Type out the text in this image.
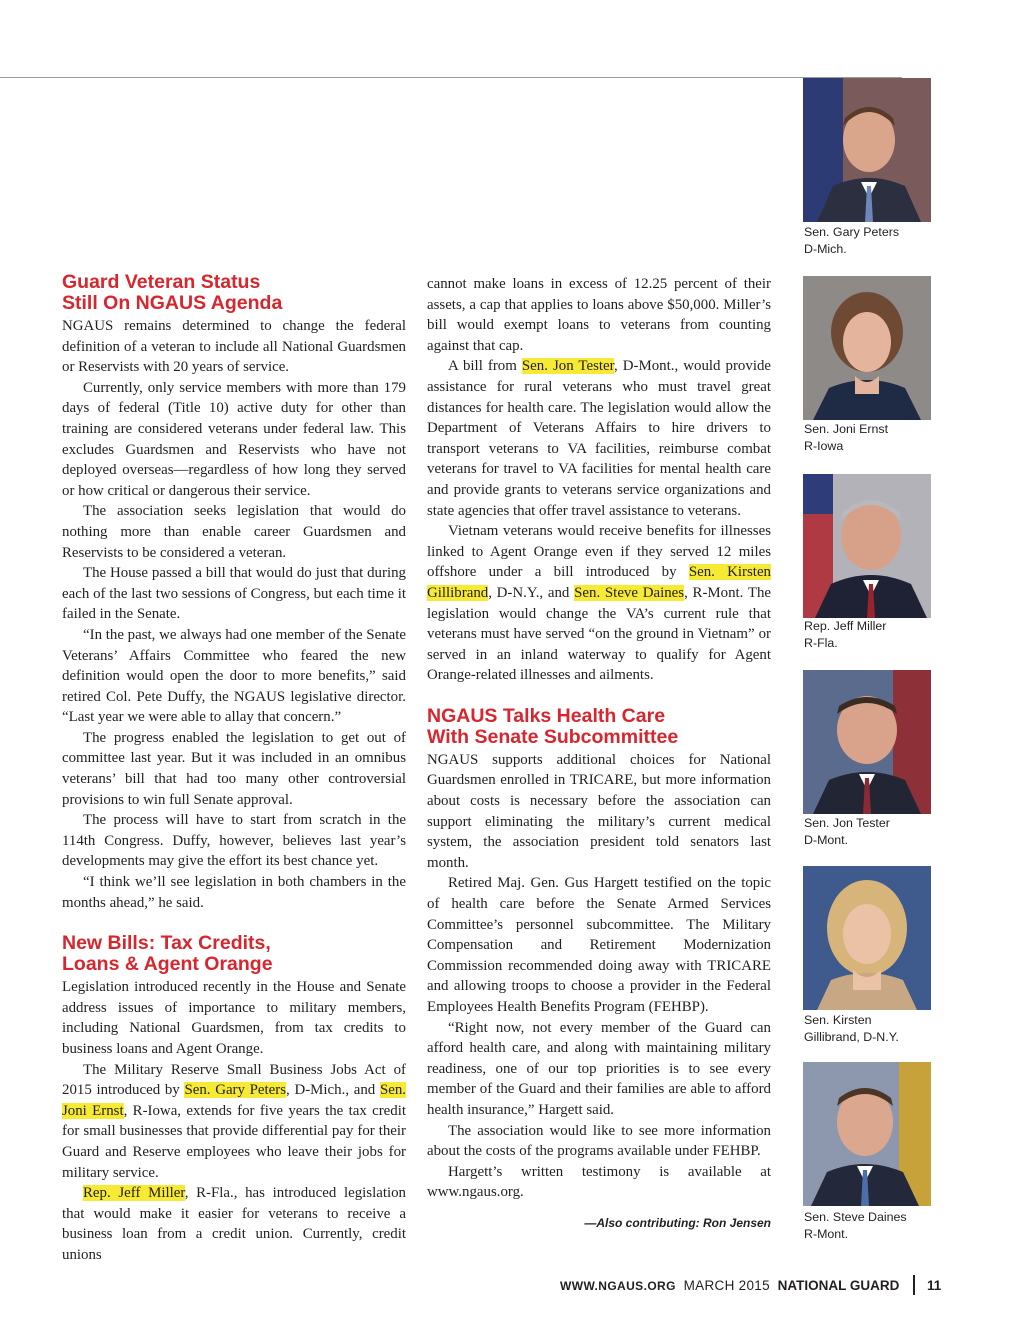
Guard Veteran Status
Still On NGAUS Agenda

NGAUS remains determined to change the federal definition of a veteran to include all National Guardsmen or Reservists with 20 years of service.

Currently, only service members with more than 179 days of federal (Title 10) active duty for other than training are considered veterans under federal law. This excludes Guardsmen and Reservists who have not deployed overseas—regardless of how long they served or how critical or dangerous their service.

The association seeks legislation that would do nothing more than enable career Guardsmen and Reservists to be considered a veteran.

The House passed a bill that would do just that during each of the last two sessions of Congress, but each time it failed in the Senate.

“In the past, we always had one member of the Senate Veterans’ Affairs Committee who feared the new definition would open the door to more benefits,” said retired Col. Pete Duffy, the NGAUS legislative director. “Last year we were able to allay that concern.”

The progress enabled the legislation to get out of committee last year. But it was included in an omnibus veterans’ bill that had too many other controversial provisions to win full Senate approval.

The process will have to start from scratch in the 114th Congress. Duffy, however, believes last year’s developments may give the effort its best chance yet.

“I think we’ll see legislation in both chambers in the months ahead,” he said.

New Bills: Tax Credits,
Loans & Agent Orange

Legislation introduced recently in the House and Senate address issues of importance to military members, including National Guardsmen, from tax credits to business loans and Agent Orange.

The Military Reserve Small Business Jobs Act of 2015 introduced by Sen. Gary Peters, D-Mich., and Sen. Joni Ernst, R-Iowa, extends for five years the tax credit for small businesses that provide differential pay for their Guard and Reserve employees who leave their jobs for military service.

Rep. Jeff Miller, R-Fla., has introduced legislation that would make it easier for veterans to receive a business loan from a credit union. Currently, credit unions

cannot make loans in excess of 12.25 percent of their assets, a cap that applies to loans above $50,000. Miller’s bill would exempt loans to veterans from counting against that cap.

A bill from Sen. Jon Tester, D-Mont., would provide assistance for rural veterans who must travel great distances for health care. The legislation would allow the Department of Veterans Affairs to hire drivers to transport veterans to VA facilities, reimburse combat veterans for travel to VA facilities for mental health care and provide grants to veterans service organizations and state agencies that offer travel assistance to veterans.

Vietnam veterans would receive benefits for illnesses linked to Agent Orange even if they served 12 miles offshore under a bill introduced by Sen. Kirsten Gillibrand, D-N.Y., and Sen. Steve Daines, R-Mont. The legislation would change the VA’s current rule that veterans must have served “on the ground in Vietnam” or served in an inland waterway to qualify for Agent Orange-related illnesses and ailments.

NGAUS Talks Health Care
With Senate Subcommittee

NGAUS supports additional choices for National Guardsmen enrolled in TRICARE, but more information about costs is necessary before the association can support eliminating the military’s current medical system, the association president told senators last month.

Retired Maj. Gen. Gus Hargett testified on the topic of health care before the Senate Armed Services Committee’s personnel subcommittee. The Military Compensation and Retirement Modernization Commission recommended doing away with TRICARE and allowing troops to choose a provider in the Federal Employees Health Benefits Program (FEHBP).

“Right now, not every member of the Guard can afford health care, and along with maintaining military readiness, one of our top priorities is to see every member of the Guard and their families are able to afford health insurance,” Hargett said.

The association would like to see more information about the costs of the programs available under FEHBP.

Hargett’s written testimony is available at www.ngaus.org.

—Also contributing: Ron Jensen
Sen. Gary Peters
D-Mich.
Sen. Joni Ernst
R-Iowa
Rep. Jeff Miller
R-Fla.
Sen. Jon Tester
D-Mont.
Sen. Kirsten
Gillibrand, D-N.Y.
Sen. Steve Daines
R-Mont.
WWW.NGAUS.ORG MARCH 2015 NATIONAL GUARD 11
